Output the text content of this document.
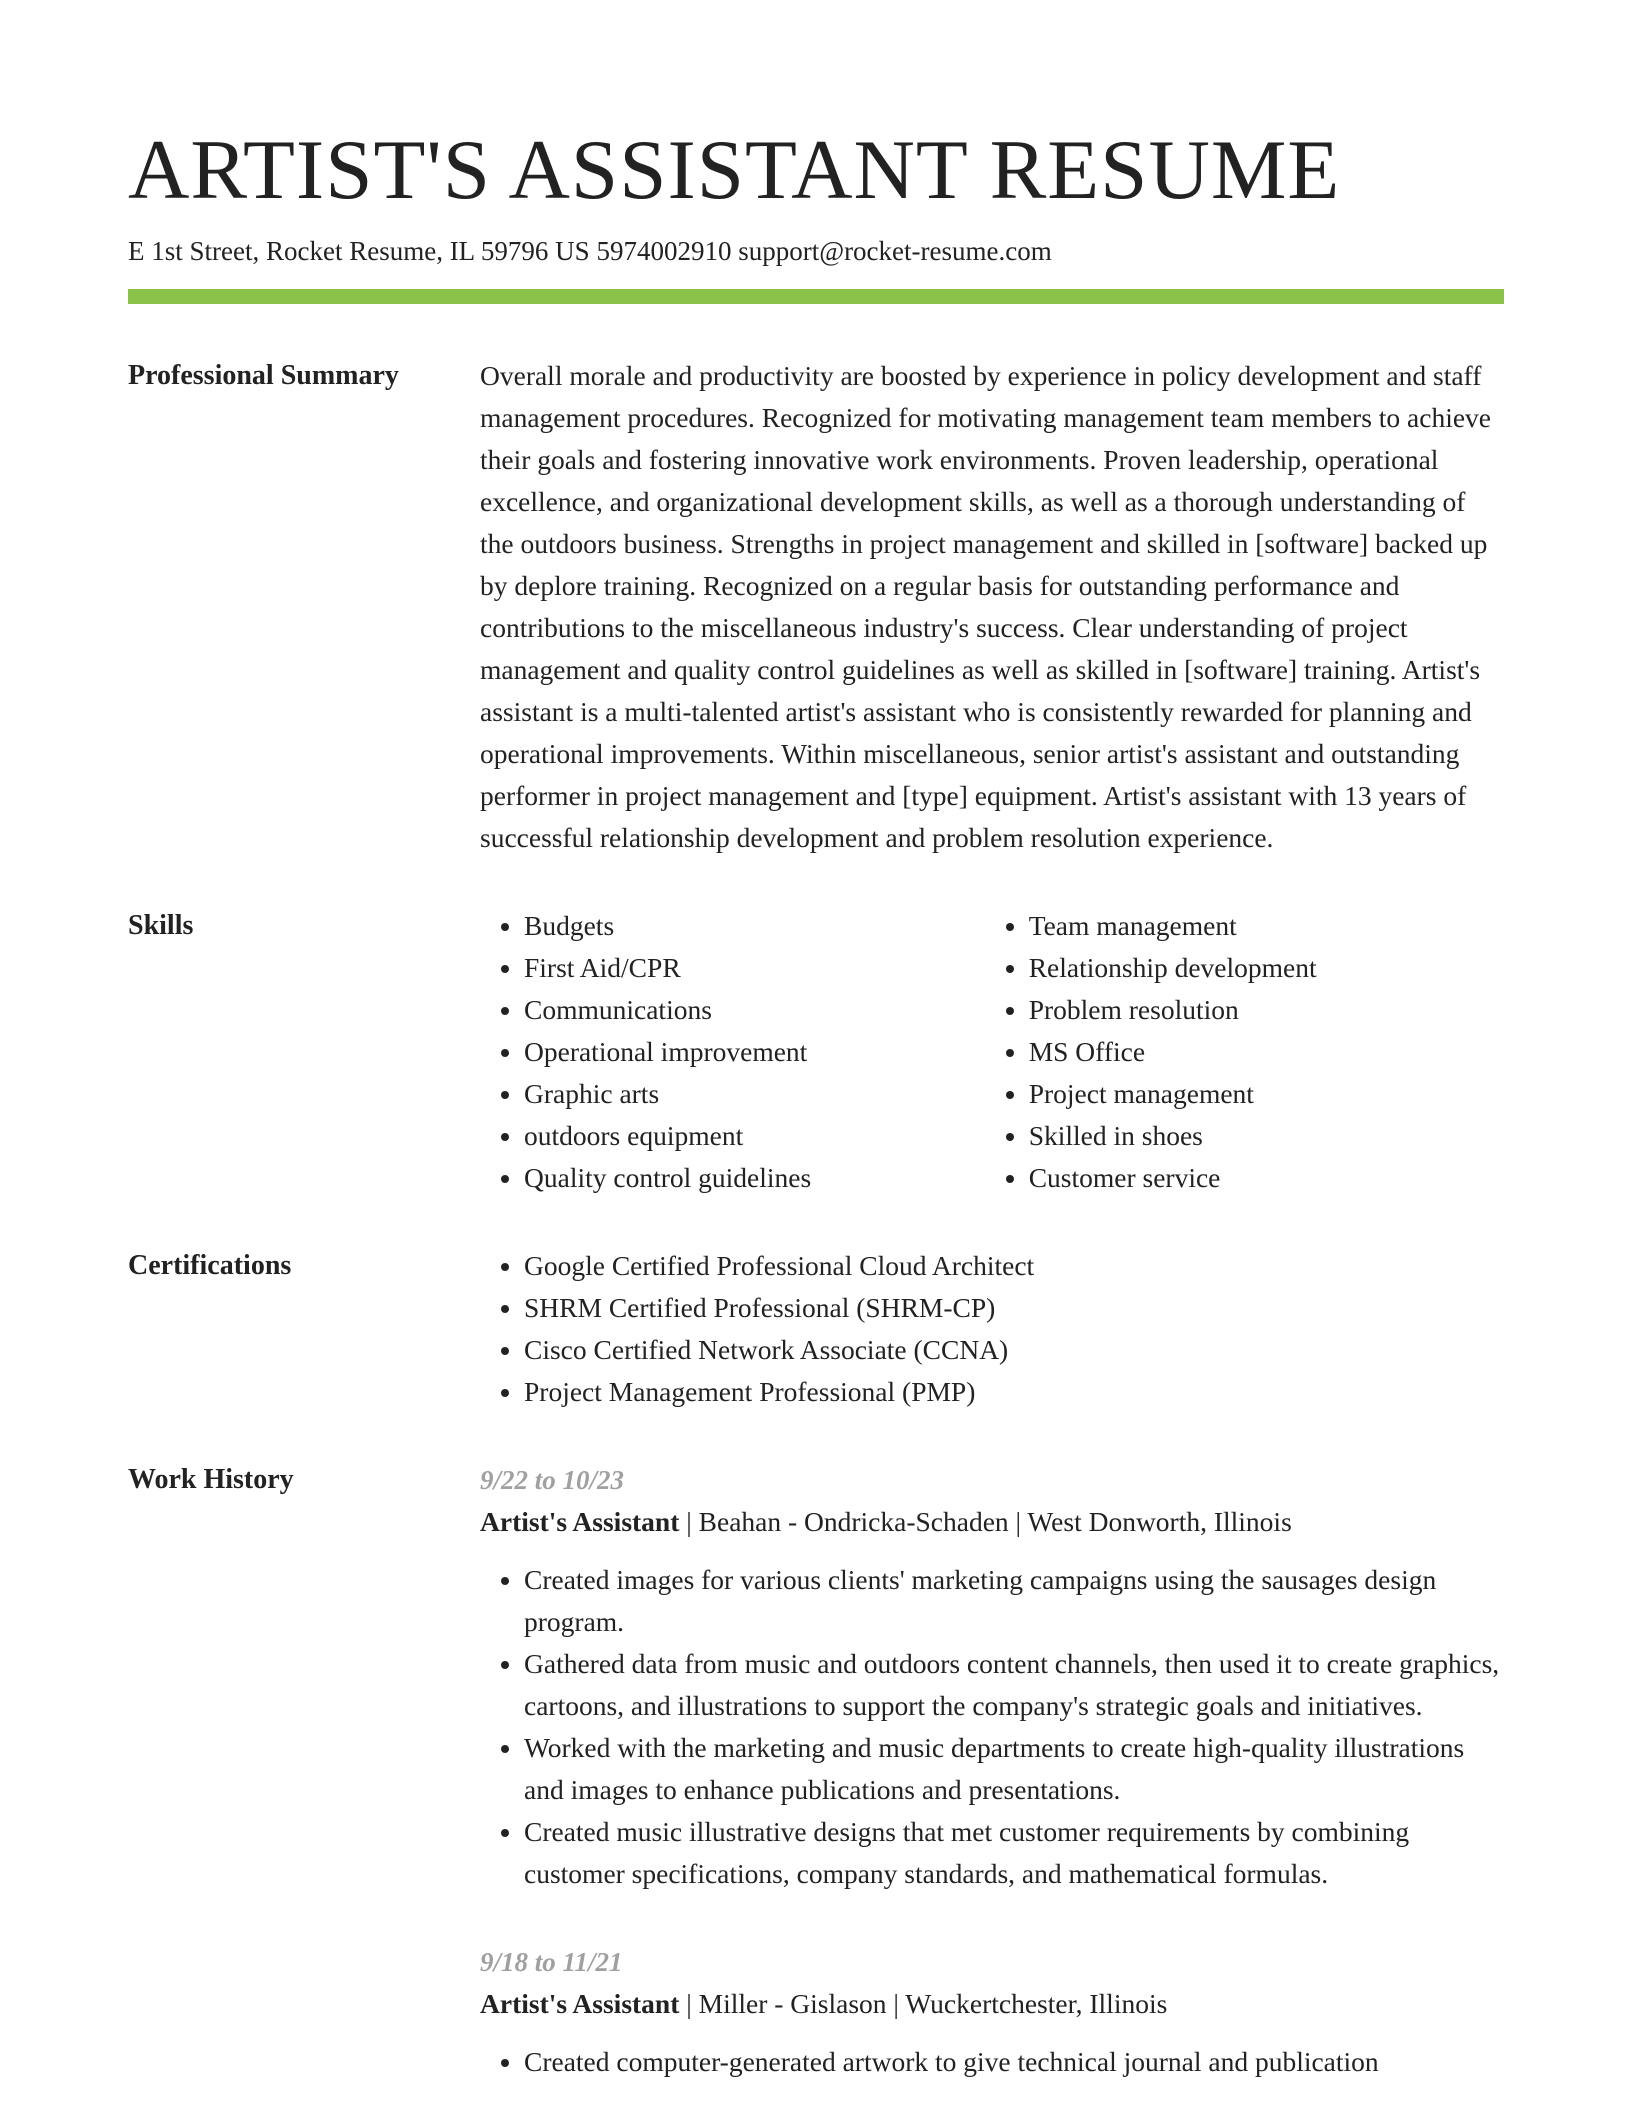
ARTIST'S ASSISTANT RESUME
E 1st Street, Rocket Resume, IL 59796 US 5974002910 support@rocket-resume.com
Professional Summary	Overall morale and productivity are boosted by experience in policy development and staff management procedures. Recognized for motivating management team members to achieve their goals and fostering innovative work environments. Proven leadership, operational excellence, and organizational development skills, as well as a thorough understanding of the outdoors business. Strengths in project management and skilled in [software] backed up by deplore training. Recognized on a regular basis for outstanding performance and contributions to the miscellaneous industry's success. Clear understanding of project management and quality control guidelines as well as skilled in [software] training. Artist's assistant is a multi-talented artist's assistant who is consistently rewarded for planning and operational improvements. Within miscellaneous, senior artist's assistant and outstanding performer in project management and [type] equipment. Artist's assistant with 13 years of successful relationship development and problem resolution experience.

Skills	• Budgets
• First Aid/CPR
• Communications
• Operational improvement
• Graphic arts
• outdoors equipment
• Quality control guidelines
• Team management
• Relationship development
• Problem resolution
• MS Office
• Project management
• Skilled in shoes
• Customer service
Certifications	• Google Certified Professional Cloud Architect
• SHRM Certified Professional (SHRM-CP)
• Cisco Certified Network Associate (CCNA)
• Project Management Professional (PMP)
Work History	9/22 to 10/23
Artist's Assistant | Beahan - Ondricka-Schaden | West Donworth, Illinois
• Created images for various clients' marketing campaigns using the sausages design program.
• Gathered data from music and outdoors content channels, then used it to create graphics, cartoons, and illustrations to support the company's strategic goals and initiatives.
• Worked with the marketing and music departments to create high-quality illustrations and images to enhance publications and presentations.
• Created music illustrative designs that met customer requirements by combining customer specifications, company standards, and mathematical formulas.
9/18 to 11/21
Artist's Assistant | Miller - Gislason | Wuckertchester, Illinois
• Created computer-generated artwork to give technical journal and publication
